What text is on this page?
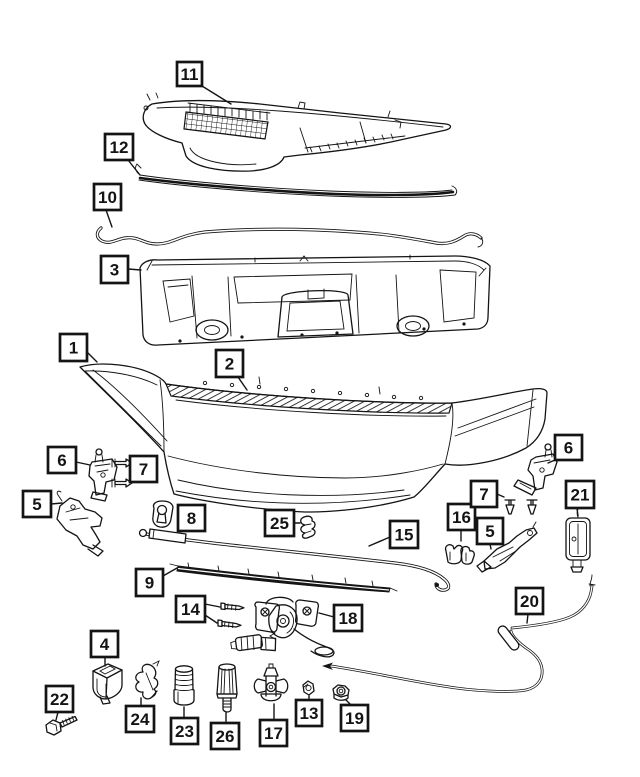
11
12
10
3
1
2
6	7
5
8	25
15
16
7
6
21
5
9
14	18
20
4
22
24
23 26 17
13 19
